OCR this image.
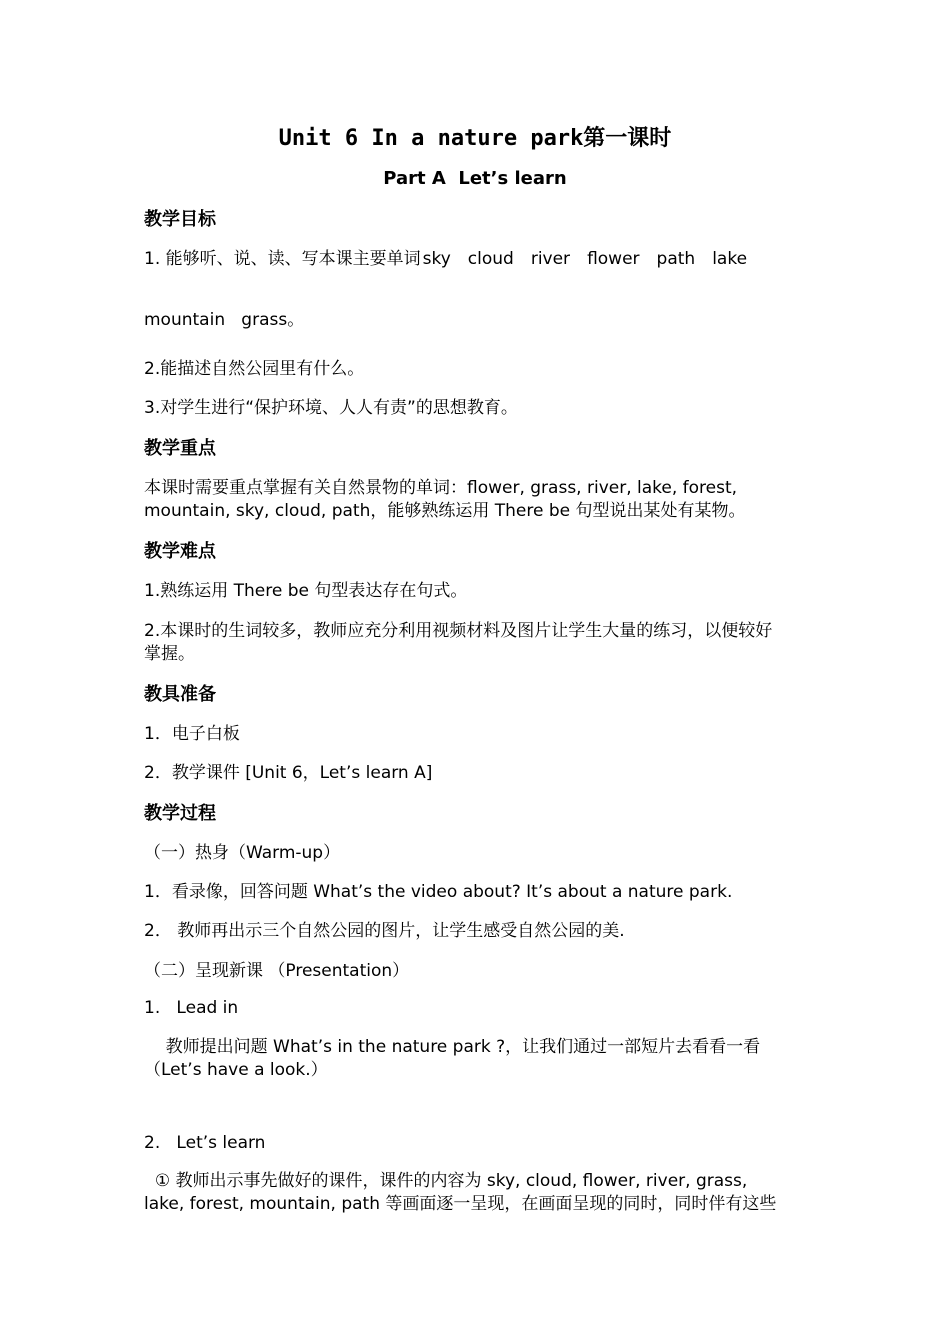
Unit 6 In a nature park第一课时
Part A  Let’s learn
教学目标
1. 能够听、说、读、写本课主要单词 sky cloud river flower path lake
mountain   grass。
2.能描述自然公园里有什么。
3.对学生进行“保护环境、人人有责”的思想教育。
教学重点
本课时需要重点掌握有关自然景物的单词：flower, grass, river, lake, forest,
mountain, sky, cloud, path，能够熟练运用 There be 句型说出某处有某物。
教学难点
1.熟练运用 There be 句型表达存在句式。
2.本课时的生词较多，教师应充分利用视频材料及图片让学生大量的练习，以便较好
掌握。
教具准备
1．电子白板
2．教学课件 [Unit 6，Let’s learn A]
教学过程
（一）热身（Warm-up）
1．看录像，回答问题 What’s the video about? It’s about a nature park.
2． 教师再出示三个自然公园的图片，让学生感受自然公园的美.
（二）呈现新课 （Presentation）
1.   Lead in
教师提出问题 What’s in the nature park ?，让我们通过一部短片去看看一看
（Let’s have a look.）
2.   Let’s learn
① 教师出示事先做好的课件，课件的内容为 sky, cloud, flower, river, grass,
lake, forest, mountain, path 等画面逐一呈现，在画面呈现的同时，同时伴有这些
